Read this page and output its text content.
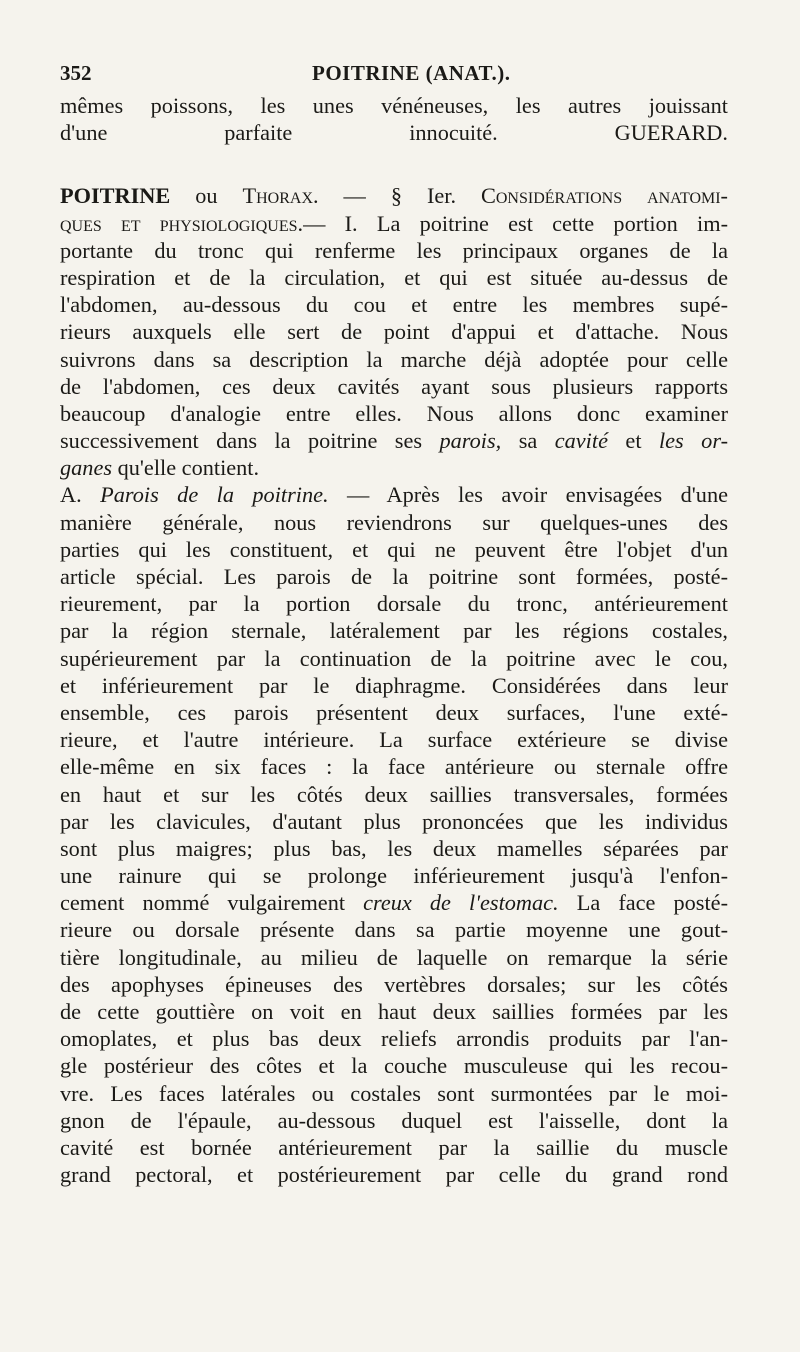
352	POITRINE (ANAT.).
mêmes poissons, les unes vénéneuses, les autres jouissant
d'une parfaite innocuité.	GUERARD.
POITRINE ou Thorax. — § Ier. Considérations anatomi-
ques et physiologiques.— I. La poitrine est cette portion im-
portante du tronc qui renferme les principaux organes de la
respiration et de la circulation, et qui est située au-dessus de
l'abdomen, au-dessous du cou et entre les membres supé-
rieurs auxquels elle sert de point d'appui et d'attache. Nous
suivrons dans sa description la marche déjà adoptée pour celle
de l'abdomen, ces deux cavités ayant sous plusieurs rapports
beaucoup d'analogie entre elles. Nous allons donc examiner
successivement dans la poitrine ses parois, sa cavité et les or-
ganes qu'elle contient.
A. Parois de la poitrine. — Après les avoir envisagées d'une
manière générale, nous reviendrons sur quelques-unes des
parties qui les constituent, et qui ne peuvent être l'objet d'un
article spécial. Les parois de la poitrine sont formées, posté-
rieurement, par la portion dorsale du tronc, antérieurement
par la région sternale, latéralement par les régions costales,
supérieurement par la continuation de la poitrine avec le cou,
et inférieurement par le diaphragme. Considérées dans leur
ensemble, ces parois présentent deux surfaces, l'une exté-
rieure, et l'autre intérieure. La surface extérieure se divise
elle-même en six faces : la face antérieure ou sternale offre
en haut et sur les côtés deux saillies transversales, formées
par les clavicules, d'autant plus prononcées que les individus
sont plus maigres; plus bas, les deux mamelles séparées par
une rainure qui se prolonge inférieurement jusqu'à l'enfon-
cement nommé vulgairement creux de l'estomac. La face posté-
rieure ou dorsale présente dans sa partie moyenne une gout-
tière longitudinale, au milieu de laquelle on remarque la série
des apophyses épineuses des vertèbres dorsales; sur les côtés
de cette gouttière on voit en haut deux saillies formées par les
omoplates, et plus bas deux reliefs arrondis produits par l'an-
gle postérieur des côtes et la couche musculeuse qui les recou-
vre. Les faces latérales ou costales sont surmontées par le moi-
gnon de l'épaule, au-dessous duquel est l'aisselle, dont la
cavité est bornée antérieurement par la saillie du muscle
grand pectoral, et postérieurement par celle du grand rond
